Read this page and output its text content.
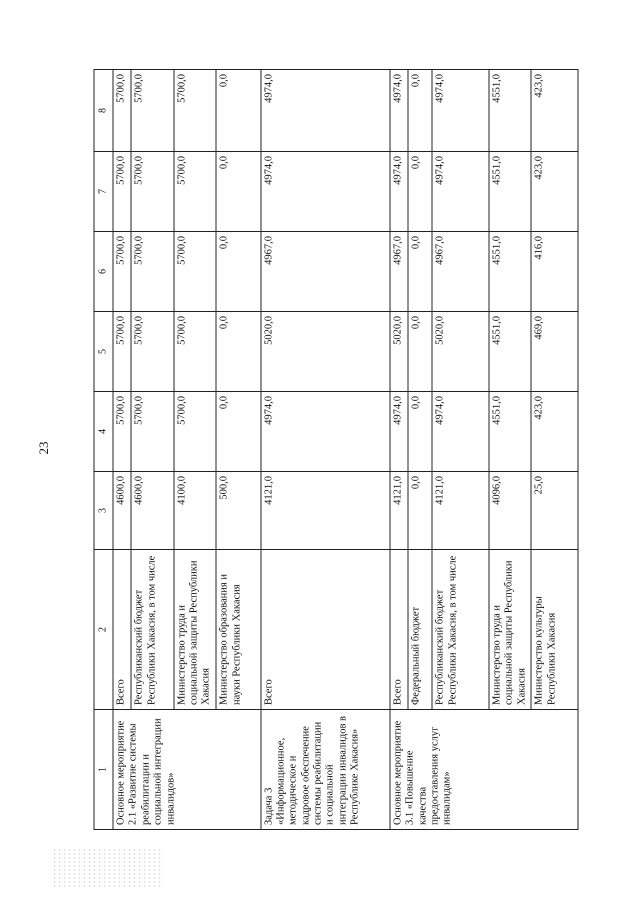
23
1	2	3	4	5	6	7	8
Основное мероприятие 2.1 «Развитие системы реабилитации и социальной интеграции инвалидов»	Всего	4600,0	5700,0	5700,0	5700,0	5700,0	5700,0
	Республиканский бюджет Республики Хакасия, в том числе	4600,0	5700,0	5700,0	5700,0	5700,0	5700,0
	Министерство труда и социальной защиты Республики Хакасия	4100,0	5700,0	5700,0	5700,0	5700,0	5700,0
	Министерство образования и науки Республики Хакасия	500,0	0,0	0,0	0,0	0,0	0,0
Задача 3 «Информационное, методическое и кадровое обеспечение системы реабилитации и социальной интеграции инвалидов в Республике Хакасия»	Всего	4121,0	4974,0	5020,0	4967,0	4974,0	4974,0
Основное мероприятие 3.1 «Повышение качества предоставления услуг инвалидам»	Всего	4121,0	4974,0	5020,0	4967,0	4974,0	4974,0
	Федеральный бюджет	0,0	0,0	0,0	0,0	0,0	0,0
	Республиканский бюджет Республики Хакасия, в том числе	4121,0	4974,0	5020,0	4967,0	4974,0	4974,0
	Министерство труда и социальной защиты Республики Хакасия	4096,0	4551,0	4551,0	4551,0	4551,0	4551,0
	Министерство культуры Республики Хакасия	25,0	423,0	469,0	416,0	423,0	423,0
